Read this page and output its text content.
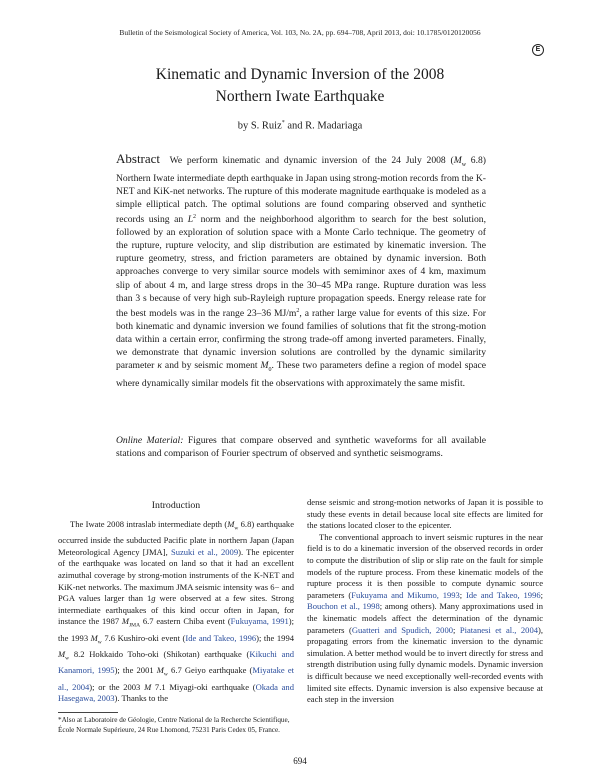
Bulletin of the Seismological Society of America, Vol. 103, No. 2A, pp. 694–708, April 2013, doi: 10.1785/0120120056
E
Kinematic and Dynamic Inversion of the 2008
Northern Iwate Earthquake
by S. Ruiz* and R. Madariaga
Abstract We perform kinematic and dynamic inversion of the 24 July 2008 ($M_w$ 6.8) Northern Iwate intermediate depth earthquake in Japan using strong-motion records from the K-NET and KiK-net networks. The rupture of this moderate magnitude earthquake is modeled as a simple elliptical patch. The optimal solutions are found comparing observed and synthetic records using an $L^2$ norm and the neighborhood algorithm to search for the best solution, followed by an exploration of solution space with a Monte Carlo technique. The geometry of the rupture, rupture velocity, and slip distribution are estimated by kinematic inversion. The rupture geometry, stress, and friction parameters are obtained by dynamic inversion. Both approaches converge to very similar source models with semiminor axes of 4 km, maximum slip of about 4 m, and large stress drops in the 30–45 MPa range. Rupture duration was less than 3 s because of very high sub-Rayleigh rupture propagation speeds. Energy release rate for the best models was in the range 23–36 $MJ/m^2$, a rather large value for events of this size. For both kinematic and dynamic inversion we found families of solutions that fit the strong-motion data within a certain error, confirming the strong trade-off among inverted parameters. Finally, we demonstrate that dynamic inversion solutions are controlled by the dynamic similarity parameter κ and by seismic moment $M_0$. These two parameters define a region of model space where dynamically similar models fit the observations with approximately the same misfit.
Online Material: Figures that compare observed and synthetic waveforms for all available stations and comparison of Fourier spectrum of observed and synthetic seismograms.
Introduction

The Iwate 2008 intraslab intermediate depth ($M_w$ 6.8) earthquake occurred inside the subducted Pacific plate in northern Japan (Japan Meteorological Agency [JMA], Suzuki et al., 2009). The epicenter of the earthquake was located on land so that it had an excellent azimuthal coverage by strong-motion instruments of the K-NET and KiK-net networks. The maximum JMA seismic intensity was 6− and PGA values larger than 1g were observed at a few sites. Strong intermediate earthquakes of this kind occur often in Japan, for instance the 1987 $M_{JMA}$ 6.7 eastern Chiba event (Fukuyama, 1991); the 1993 $M_w$ 7.6 Kushiro-oki event (Ide and Takeo, 1996); the 1994 $M_w$ 8.2 Hokkaido Toho-oki (Shikotan) earthquake (Kikuchi and Kanamori, 1995); the 2001 $M_w$ 6.7 Geiyo earthquake (Miyatake et al., 2004); or the 2003 M 7.1 Miyagi-oki earthquake (Okada and Hasegawa, 2003). Thanks to the

dense seismic and strong-motion networks of Japan it is possible to study these events in detail because local site effects are limited for the stations located closer to the epicenter.

The conventional approach to invert seismic ruptures in the near field is to do a kinematic inversion of the observed records in order to compute the distribution of slip or slip rate on the fault for simple models of the rupture process. From these kinematic models of the rupture process it is then possible to compute dynamic source parameters (Fukuyama and Mikumo, 1993; Ide and Takeo, 1996; Bouchon et al., 1998; among others). Many approximations used in the kinematic models affect the determination of the dynamic parameters (Guatteri and Spudich, 2000; Piatanesi et al., 2004), propagating errors from the kinematic inversion to the dynamic simulation. A better method would be to invert directly for stress and strength distribution using fully dynamic models. Dynamic inversion is difficult because we need exceptionally well-recorded events with limited site effects. Dynamic inversion is also expensive because at each step in the inversion

*Also at Laboratoire de Géologie, Centre National de la Recherche Scientifique, École Normale Supérieure, 24 Rue Lhomond, 75231 Paris Cedex 05, France.
694
